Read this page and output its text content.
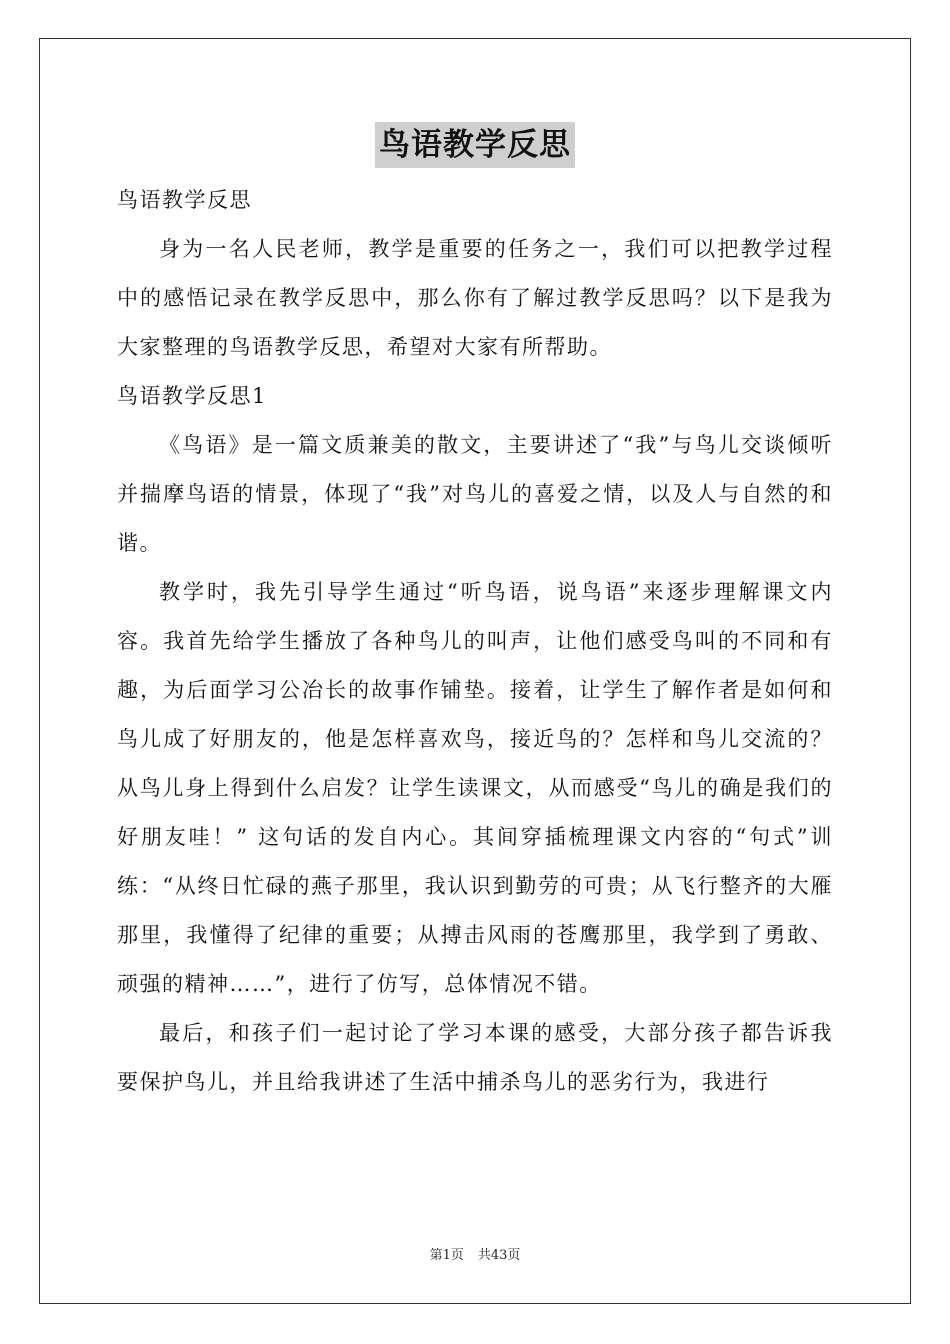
鸟语教学反思

鸟语教学反思

身为一名人民老师，教学是重要的任务之一，我们可以把教学过程中的感悟记录在教学反思中，那么你有了解过教学反思吗？以下是我为大家整理的鸟语教学反思，希望对大家有所帮助。

鸟语教学反思1

《鸟语》是一篇文质兼美的散文，主要讲述了“我”与鸟儿交谈倾听并揣摩鸟语的情景，体现了“我”对鸟儿的喜爱之情，以及人与自然的和谐。

教学时，我先引导学生通过“听鸟语，说鸟语”来逐步理解课文内容。我首先给学生播放了各种鸟儿的叫声，让他们感受鸟叫的不同和有趣，为后面学习公冶长的故事作铺垫。接着，让学生了解作者是如何和鸟儿成了好朋友的，他是怎样喜欢鸟，接近鸟的？怎样和鸟儿交流的？从鸟儿身上得到什么启发？让学生读课文，从而感受“鸟儿的确是我们的好朋友哇！” 这句话的发自内心。其间穿插梳理课文内容的“句式”训练：“从终日忙碌的燕子那里，我认识到勤劳的可贵；从飞行整齐的大雁那里，我懂得了纪律的重要；从搏击风雨的苍鹰那里，我学到了勇敢、顽强的精神……”，进行了仿写，总体情况不错。

最后，和孩子们一起讨论了学习本课的感受，大部分孩子都告诉我要保护鸟儿，并且给我讲述了生活中捕杀鸟儿的恶劣行为，我进行

第1页 共43页
